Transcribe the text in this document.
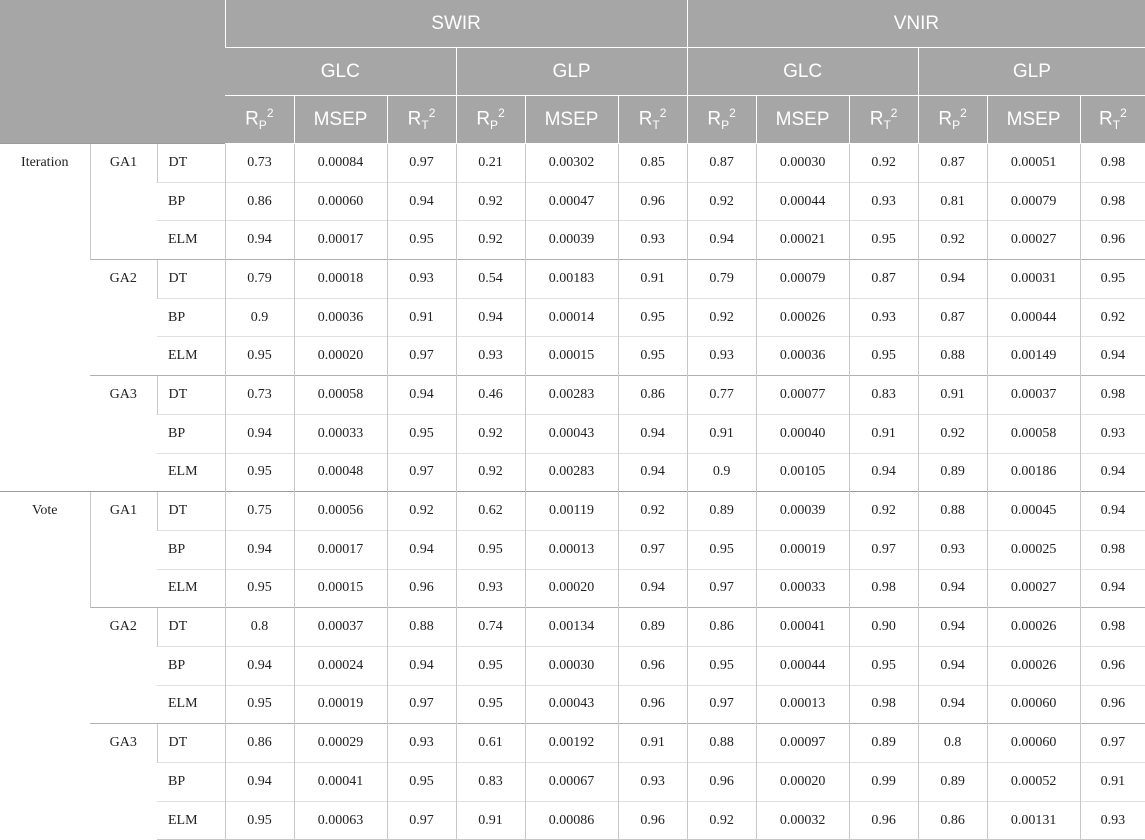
			SWIR						VNIR					
			GLC			GLP			GLC			GLP		
			$R_P^2$	MSEP	$R_T^2$	$R_P^2$	MSEP	$R_T^2$	$R_P^2$	MSEP	$R_T^2$	$R_P^2$	MSEP	$R_T^2$
Iteration	GA1	DT	0.73	0.00084	0.97	0.21	0.00302	0.85	0.87	0.00030	0.92	0.87	0.00051	0.98
		BP	0.86	0.00060	0.94	0.92	0.00047	0.96	0.92	0.00044	0.93	0.81	0.00079	0.98
		ELM	0.94	0.00017	0.95	0.92	0.00039	0.93	0.94	0.00021	0.95	0.92	0.00027	0.96
	GA2	DT	0.79	0.00018	0.93	0.54	0.00183	0.91	0.79	0.00079	0.87	0.94	0.00031	0.95
		BP	0.9	0.00036	0.91	0.94	0.00014	0.95	0.92	0.00026	0.93	0.87	0.00044	0.92
		ELM	0.95	0.00020	0.97	0.93	0.00015	0.95	0.93	0.00036	0.95	0.88	0.00149	0.94
	GA3	DT	0.73	0.00058	0.94	0.46	0.00283	0.86	0.77	0.00077	0.83	0.91	0.00037	0.98
		BP	0.94	0.00033	0.95	0.92	0.00043	0.94	0.91	0.00040	0.91	0.92	0.00058	0.93
		ELM	0.95	0.00048	0.97	0.92	0.00283	0.94	0.9	0.00105	0.94	0.89	0.00186	0.94
Vote	GA1	DT	0.75	0.00056	0.92	0.62	0.00119	0.92	0.89	0.00039	0.92	0.88	0.00045	0.94
		BP	0.94	0.00017	0.94	0.95	0.00013	0.97	0.95	0.00019	0.97	0.93	0.00025	0.98
		ELM	0.95	0.00015	0.96	0.93	0.00020	0.94	0.97	0.00033	0.98	0.94	0.00027	0.94
	GA2	DT	0.8	0.00037	0.88	0.74	0.00134	0.89	0.86	0.00041	0.90	0.94	0.00026	0.98
		BP	0.94	0.00024	0.94	0.95	0.00030	0.96	0.95	0.00044	0.95	0.94	0.00026	0.96
		ELM	0.95	0.00019	0.97	0.95	0.00043	0.96	0.97	0.00013	0.98	0.94	0.00060	0.96
	GA3	DT	0.86	0.00029	0.93	0.61	0.00192	0.91	0.88	0.00097	0.89	0.8	0.00060	0.97
		BP	0.94	0.00041	0.95	0.83	0.00067	0.93	0.96	0.00020	0.99	0.89	0.00052	0.91
		ELM	0.95	0.00063	0.97	0.91	0.00086	0.96	0.92	0.00032	0.96	0.86	0.00131	0.93
